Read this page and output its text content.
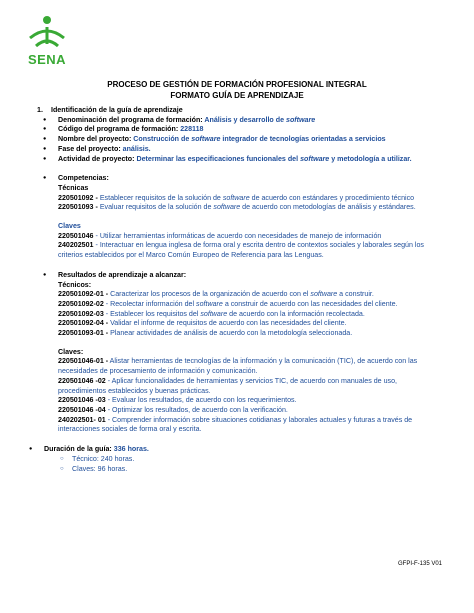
SENA
PROCESO DE GESTIÓN DE FORMACIÓN PROFESIONAL INTEGRAL
FORMATO GUÍA DE APRENDIZAJE
1. Identificación de la guía de aprendizaje
● Denominación del programa de formación: Análisis y desarrollo de software
● Código del programa de formación: 228118
● Nombre del proyecto: Construcción de software integrador de tecnologías orientadas a servicios
● Fase del proyecto: análisis.
● Actividad de proyecto: Determinar las especificaciones funcionales del software y metodología a utilizar.
● Competencias:
Técnicas
220501092 - Establecer requisitos de la solución de software de acuerdo con estándares y procedimiento técnico
220501093 - Evaluar requisitos de la solución de software de acuerdo con metodologías de análisis y estándares.
Claves
220501046 - Utilizar herramientas informáticas de acuerdo con necesidades de manejo de información
240202501 - Interactuar en lengua inglesa de forma oral y escrita dentro de contextos sociales y laborales según los criterios establecidos por el Marco Común Europeo de Referencia para las Lenguas.
● Resultados de aprendizaje a alcanzar:
Técnicos:
220501092-01 - Caracterizar los procesos de la organización de acuerdo con el software a construir.
220501092-02 - Recolectar información del software a construir de acuerdo con las necesidades del cliente.
220501092-03 - Establecer los requisitos del software de acuerdo con la información recolectada.
220501092-04 - Validar el informe de requisitos de acuerdo con las necesidades del cliente.
220501093-01 - Planear actividades de análisis de acuerdo con la metodología seleccionada.
Claves:
220501046-01 - Alistar herramientas de tecnologías de la información y la comunicación (TIC), de acuerdo con las necesidades de procesamiento de información y comunicación.
220501046 -02 - Aplicar funcionalidades de herramientas y servicios TIC, de acuerdo con manuales de uso, procedimientos establecidos y buenas prácticas.
220501046 -03 - Evaluar los resultados, de acuerdo con los requerimientos.
220501046 -04 - Optimizar los resultados, de acuerdo con la verificación.
240202501- 01 - Comprender información sobre situaciones cotidianas y laborales actuales y futuras a través de interacciones sociales de forma oral y escrita.
● Duración de la guía: 336 horas.
○ Técnico: 240 horas.
○ Claves: 96 horas.
GFPI-F-135 V01
